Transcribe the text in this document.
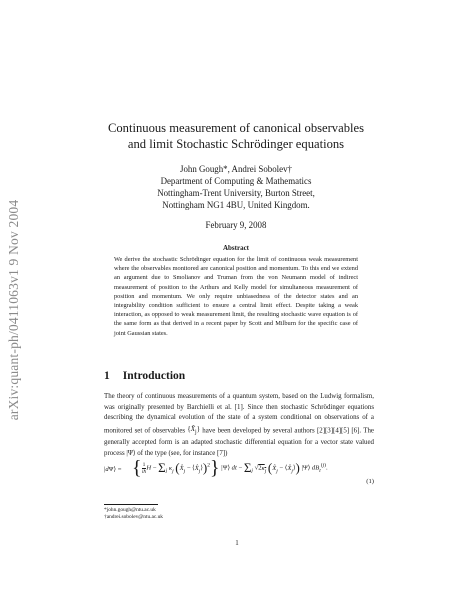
arXiv:quant-ph/0411063v1 9 Nov 2004
Continuous measurement of canonical observables
and limit Stochastic Schrödinger equations
John Gough*, Andrei Sobolev†
Department of Computing & Mathematics
Nottingham-Trent University, Burton Street,
Nottingham NG1 4BU, United Kingdom.
February 9, 2008
Abstract
We derive the stochastic Schrödinger equation for the limit of continuous weak measurement where the observables monitored are canonical position and momentum. To this end we extend an argument due to Smolianov and Truman from the von Neumann model of indirect measurement of position to the Arthurs and Kelly model for simultaneous measurement of position and momentum. We only require unbiasedness of the detector states and an integrability condition sufficient to ensure a central limit effect. Despite taking a weak interaction, as opposed to weak measurement limit, the resulting stochastic wave equation is of the same form as that derived in a recent paper by Scott and Milburn for the specific case of joint Gaussian states.
1 Introduction
The theory of continuous measurements of a quantum system, based on the Ludwig formalism, was originally presented by Barchielli et al. [1]. Since then stochastic Schrödinger equations describing the dynamical evolution of the state of a system conditional on observations of a monitored set of observables $\{X̂_j\}$ have been developed by several authors [2][3][4][5] [6]. The generally accepted form is an adapted stochastic differential equation for a vector state valued process |Ψ⟩ of the type (see, for instance [7])
|dΨ⟩ = { $\frac{1}{iħ}H - \Sigma_j$ $\kappa_j$ ($X̂_j$ − $⟨X̂_j⟩)^2$} |Ψ⟩ dt − $\Sigma_j$ $√2\kappa_j$ ($X̂_j$ − $⟨X̂_j⟩$) |Ψ⟩ $dB_t^{(j)}$.
(1)
*john.gough@ntu.ac.uk
†andrei.sobolev@ntu.ac.uk
1
